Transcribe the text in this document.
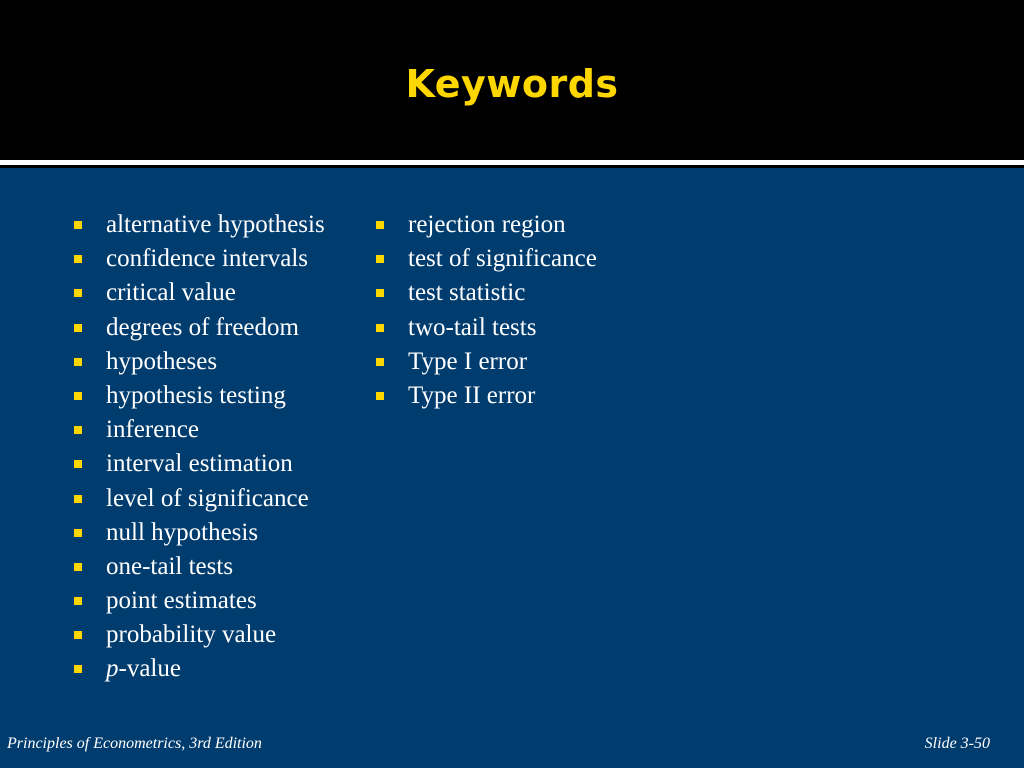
Keywords
alternative hypothesis
confidence intervals
critical value
degrees of freedom
hypotheses
hypothesis testing
inference
interval estimation
level of significance
null hypothesis
one-tail tests
point estimates
probability value
p-value
rejection region
test of significance
test statistic
two-tail tests
Type I error
Type II error
Principles of Econometrics, 3rd Edition	Slide 3-50
